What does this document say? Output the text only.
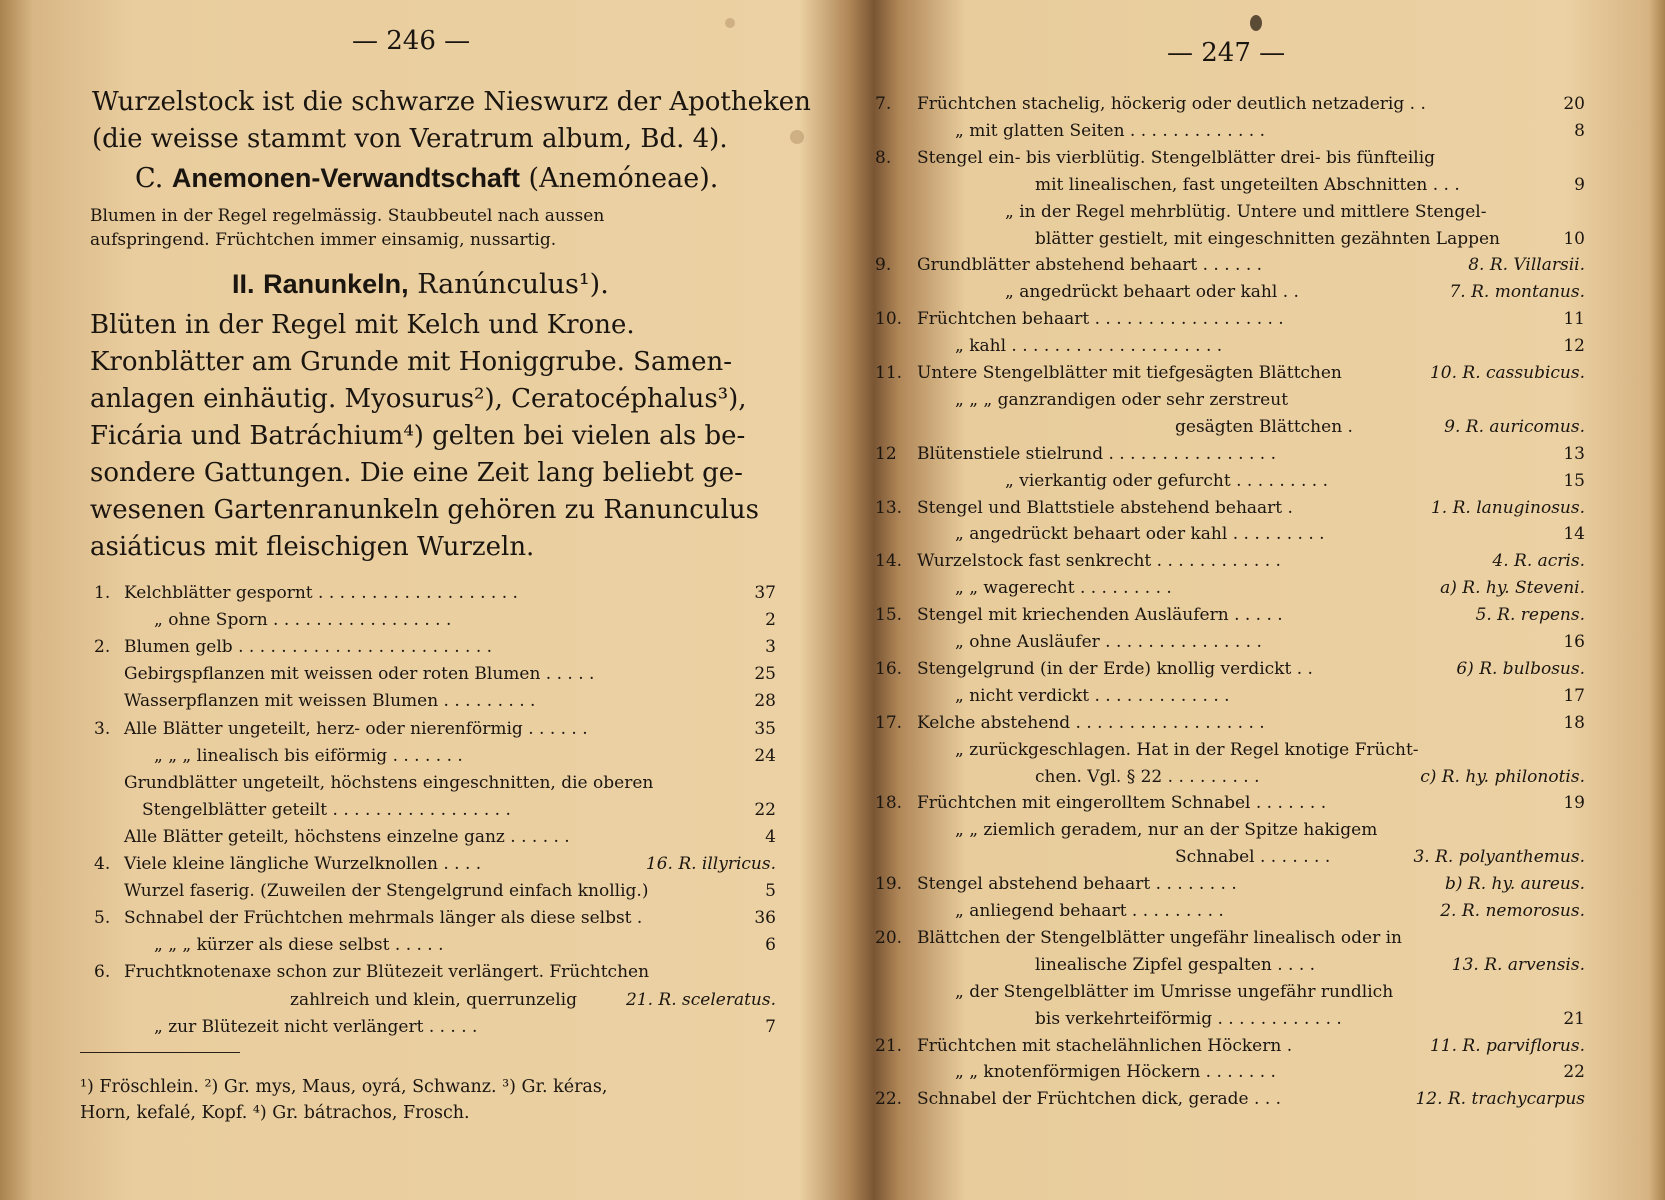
— 246 —
Wurzelstock ist die schwarze Nieswurz der Apotheken
(die weisse stammt von Veratrum album, Bd. 4).
C. Anemonen-Verwandtschaft (Anemóneae).
Blumen in der Regel regelmässig. Staubbeutel nach aussen
aufspringend. Früchtchen immer einsamig, nussartig.
II. Ranunkeln, Ranúnculus¹).
Blüten in der Regel mit Kelch und Krone.
Kronblätter am Grunde mit Honiggrube. Samen-
anlagen einhäutig. Myosurus²), Ceratocéphalus³),
Ficária und Batráchium⁴) gelten bei vielen als be-
sondere Gattungen. Die eine Zeit lang beliebt ge-
wesenen Gartenranunkeln gehören zu Ranunculus
asiáticus mit fleischigen Wurzeln.
1. Kelchblätter gespornt . . . . . . . . . . . . . . . . . . .	37
„ ohne Sporn . . . . . . . . . . . . . . . . .	2
2. Blumen gelb . . . . . . . . . . . . . . . . . . . . . . . .	3
Gebirgspflanzen mit weissen oder roten Blumen . . . . .	25
Wasserpflanzen mit weissen Blumen . . . . . . . . .	28
3. Alle Blätter ungeteilt, herz- oder nierenförmig . . . . . .	35
„ „ „ linealisch bis eiförmig . . . . . . .	24
Grundblätter ungeteilt, höchstens eingeschnitten, die oberen
Stengelblätter geteilt . . . . . . . . . . . . . . . . .	22
Alle Blätter geteilt, höchstens einzelne ganz . . . . . .	4
4. Viele kleine längliche Wurzelknollen . . . .	16. R. illyricus.
Wurzel faserig. (Zuweilen der Stengelgrund einfach knollig.)	5
5. Schnabel der Früchtchen mehrmals länger als diese selbst .	36
„ „ „ kürzer als diese selbst . . . . .	6
6. Fruchtknotenaxe schon zur Blütezeit verlängert. Früchtchen
zahlreich und klein, querrunzelig	21. R. sceleratus.
„ zur Blütezeit nicht verlängert . . . . .	7
¹) Fröschlein. ²) Gr. mys, Maus, oyrá, Schwanz. ³) Gr. kéras,
Horn, kefalé, Kopf. ⁴) Gr. bátrachos, Frosch.
— 247 —
7. Früchtchen stachelig, höckerig oder deutlich netzaderig . .	20
„ mit glatten Seiten . . . . . . . . . . . . .	8
8. Stengel ein- bis vierblütig. Stengelblätter drei- bis fünfteilig
mit linealischen, fast ungeteilten Abschnitten . . .	9
„ in der Regel mehrblütig. Untere und mittlere Stengel-
blätter gestielt, mit eingeschnitten gezähnten Lappen	10
9. Grundblätter abstehend behaart . . . . . .	8. R. Villarsii.
„ angedrückt behaart oder kahl . .	7. R. montanus.
10. Früchtchen behaart . . . . . . . . . . . . . . . . . .	11
„ kahl . . . . . . . . . . . . . . . . . . . .	12
11. Untere Stengelblätter mit tiefgesägten Blättchen	10. R. cassubicus.
„ „ „ ganzrandigen oder sehr zerstreut
gesägten Blättchen .	9. R. auricomus.
12 Blütenstiele stielrund . . . . . . . . . . . . . . . .	13
„ vierkantig oder gefurcht . . . . . . . . .	15
13. Stengel und Blattstiele abstehend behaart .	1. R. lanuginosus.
„ angedrückt behaart oder kahl . . . . . . . . .	14
14. Wurzelstock fast senkrecht . . . . . . . . . . . .	4. R. acris.
„ „ wagerecht . . . . . . . . .	a) R. hy. Steveni.
15. Stengel mit kriechenden Ausläufern . . . . .	5. R. repens.
„ ohne Ausläufer . . . . . . . . . . . . . . .	16
16. Stengelgrund (in der Erde) knollig verdickt . .	6) R. bulbosus.
„ nicht verdickt . . . . . . . . . . . . .	17
17. Kelche abstehend . . . . . . . . . . . . . . . . . .	18
„ zurückgeschlagen. Hat in der Regel knotige Frücht-
chen. Vgl. § 22 . . . . . . . . .	c) R. hy. philonotis.
18. Früchtchen mit eingerolltem Schnabel . . . . . . .	19
„ „ ziemlich geradem, nur an der Spitze hakigem
Schnabel . . . . . . .	3. R. polyanthemus.
19. Stengel abstehend behaart . . . . . . . .	b) R. hy. aureus.
„ anliegend behaart . . . . . . . . .	2. R. nemorosus.
20. Blättchen der Stengelblätter ungefähr linealisch oder in
linealische Zipfel gespalten . . . .	13. R. arvensis.
„ der Stengelblätter im Umrisse ungefähr rundlich
bis verkehrteiförmig . . . . . . . . . . . .	21
21. Früchtchen mit stachelähnlichen Höckern .	11. R. parviflorus.
„ „ knotenförmigen Höckern . . . . . . .	22
22. Schnabel der Früchtchen dick, gerade . . .	12. R. trachycarpus
